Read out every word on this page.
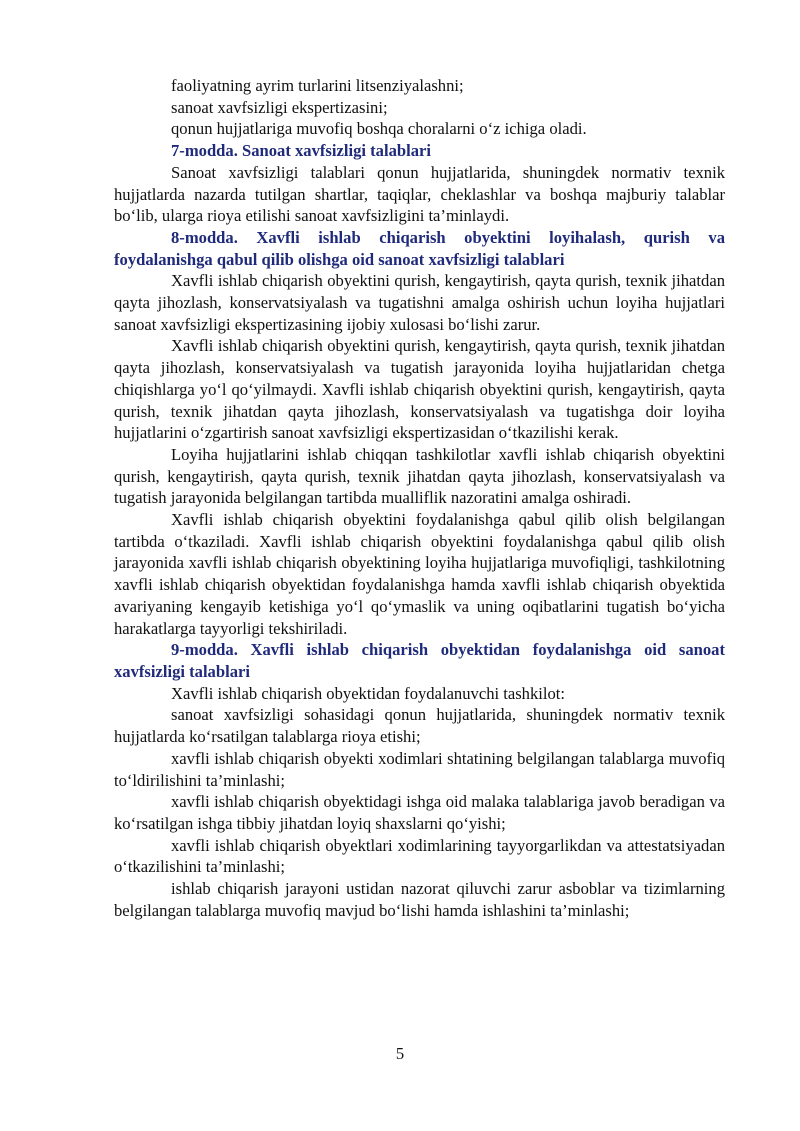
faoliyatning ayrim turlarini litsenziyalashni;

sanoat xavfsizligi ekspertizasini;

qonun hujjatlariga muvofiq boshqa choralarni o‘z ichiga oladi.

7-modda. Sanoat xavfsizligi talablari

Sanoat xavfsizligi talablari qonun hujjatlarida, shuningdek normativ texnik hujjatlarda nazarda tutilgan shartlar, taqiqlar, cheklashlar va boshqa majburiy talablar bo‘lib, ularga rioya etilishi sanoat xavfsizligini ta’minlaydi.

8-modda. Xavfli ishlab chiqarish obyektini loyihalash, qurish va foydalanishga qabul qilib olishga oid sanoat xavfsizligi talablari

Xavfli ishlab chiqarish obyektini qurish, kengaytirish, qayta qurish, texnik jihatdan qayta jihozlash, konservatsiyalash va tugatishni amalga oshirish uchun loyiha hujjatlari sanoat xavfsizligi ekspertizasining ijobiy xulosasi bo‘lishi zarur.

Xavfli ishlab chiqarish obyektini qurish, kengaytirish, qayta qurish, texnik jihatdan qayta jihozlash, konservatsiyalash va tugatish jarayonida loyiha hujjatlaridan chetga chiqishlarga yo‘l qo‘yilmaydi. Xavfli ishlab chiqarish obyektini qurish, kengaytirish, qayta qurish, texnik jihatdan qayta jihozlash, konservatsiyalash va tugatishga doir loyiha hujjatlarini o‘zgartirish sanoat xavfsizligi ekspertizasidan o‘tkazilishi kerak.

Loyiha hujjatlarini ishlab chiqqan tashkilotlar xavfli ishlab chiqarish obyektini qurish, kengaytirish, qayta qurish, texnik jihatdan qayta jihozlash, konservatsiyalash va tugatish jarayonida belgilangan tartibda mualliflik nazoratini amalga oshiradi.

Xavfli ishlab chiqarish obyektini foydalanishga qabul qilib olish belgilangan tartibda o‘tkaziladi. Xavfli ishlab chiqarish obyektini foydalanishga qabul qilib olish jarayonida xavfli ishlab chiqarish obyektining loyiha hujjatlariga muvofiqligi, tashkilotning xavfli ishlab chiqarish obyektidan foydalanishga hamda xavfli ishlab chiqarish obyektida avariyaning kengayib ketishiga yo‘l qo‘ymaslik va uning oqibatlarini tugatish bo‘yicha harakatlarga tayyorligi tekshiriladi.

9-modda. Xavfli ishlab chiqarish obyektidan foydalanishga oid sanoat xavfsizligi talablari

Xavfli ishlab chiqarish obyektidan foydalanuvchi tashkilot:

sanoat xavfsizligi sohasidagi qonun hujjatlarida, shuningdek normativ texnik hujjatlarda ko‘rsatilgan talablarga rioya etishi;

xavfli ishlab chiqarish obyekti xodimlari shtatining belgilangan talablarga muvofiq to‘ldirilishini ta’minlashi;

xavfli ishlab chiqarish obyektidagi ishga oid malaka talablariga javob beradigan va ko‘rsatilgan ishga tibbiy jihatdan loyiq shaxslarni qo‘yishi;

xavfli ishlab chiqarish obyektlari xodimlarining tayyorgarlikdan va attestatsiyadan o‘tkazilishini ta’minlashi;

ishlab chiqarish jarayoni ustidan nazorat qiluvchi zarur asboblar va tizimlarning belgilangan talablarga muvofiq mavjud bo‘lishi hamda ishlashini ta’minlashi;

5
